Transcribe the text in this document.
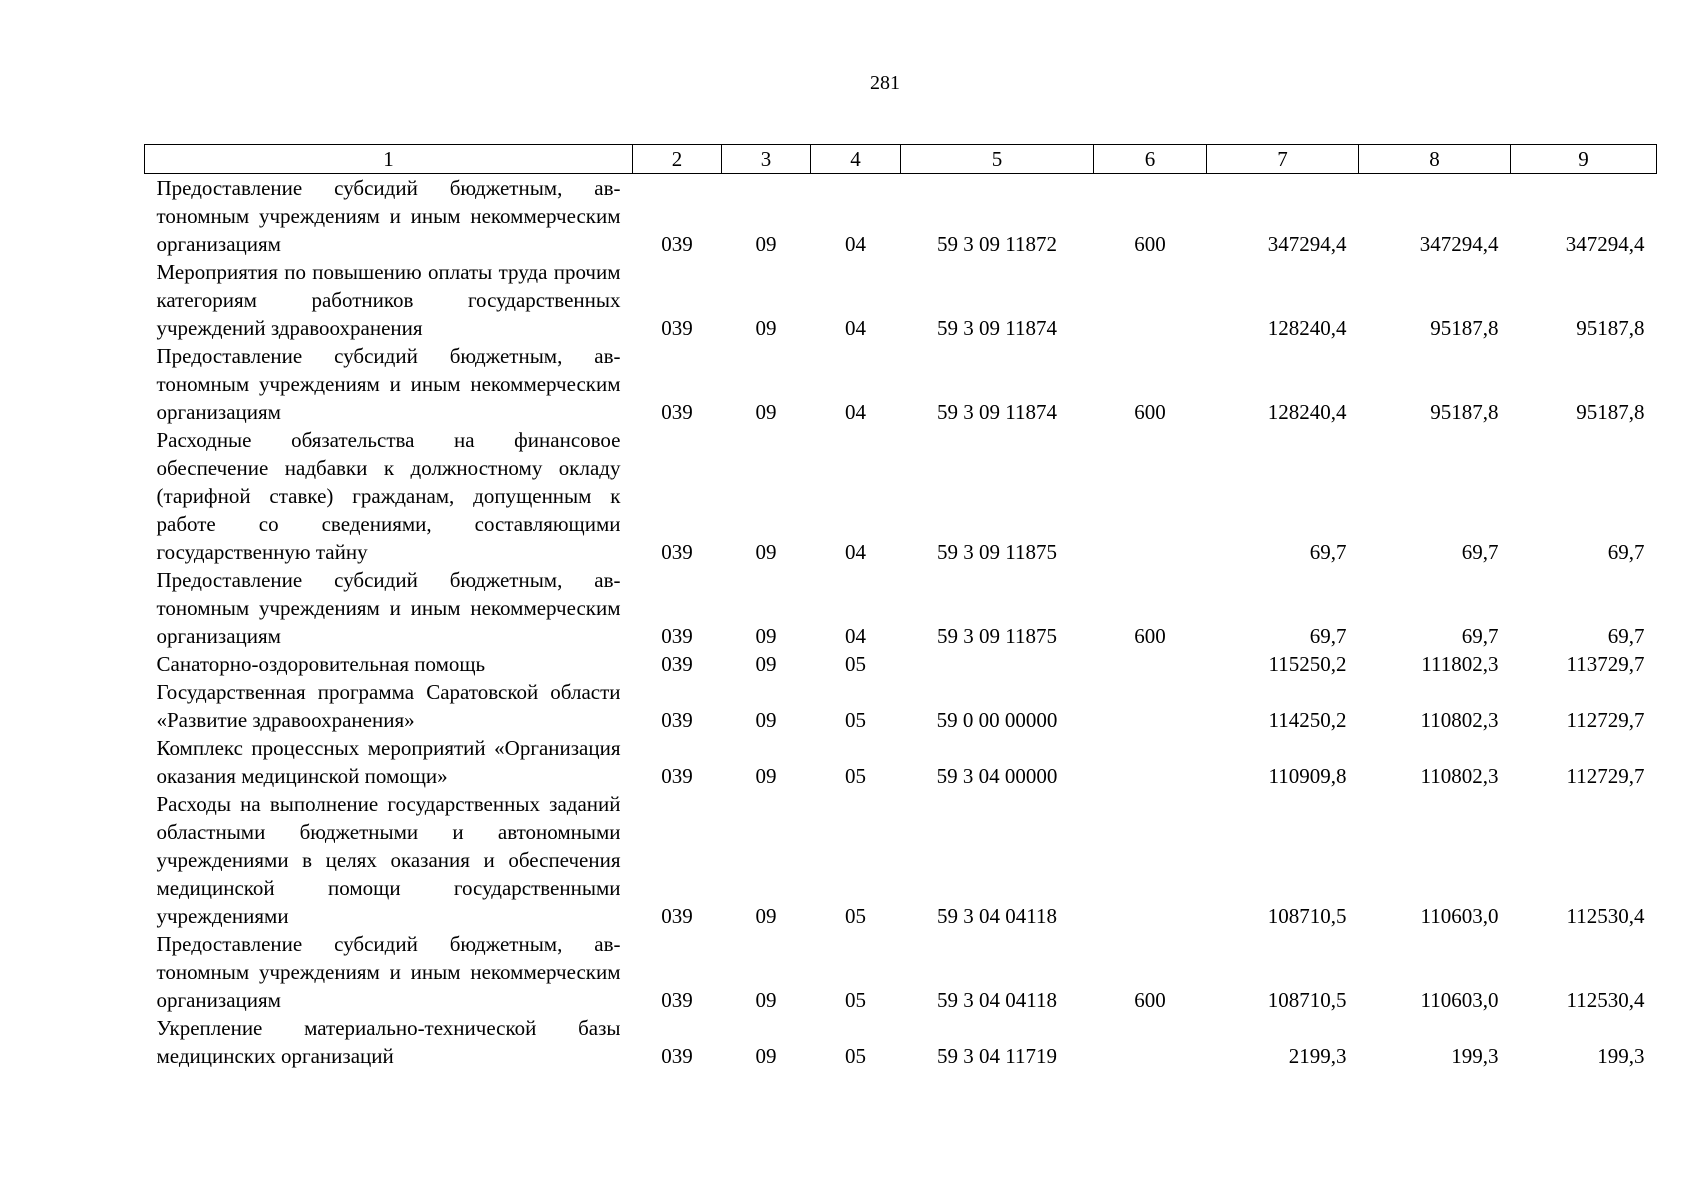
281
1	2	3	4	5	6	7	8	9
Предоставление субсидий бюджетным, автономным учреждениям и иным некоммерческим организациям	039	09	04	59 3 09 11872	600	347294,4	347294,4	347294,4
Мероприятия по повышению оплаты труда прочим категориям работников государственных учреждений здравоохранения	039	09	04	59 3 09 11874		128240,4	95187,8	95187,8
Предоставление субсидий бюджетным, автономным учреждениям и иным некоммерческим организациям	039	09	04	59 3 09 11874	600	128240,4	95187,8	95187,8
Расходные обязательства на финансовое обеспечение надбавки к должностному окладу (тарифной ставке) гражданам, допущенным к работе со сведениями, составляющими государственную тайну	039	09	04	59 3 09 11875		69,7	69,7	69,7
Предоставление субсидий бюджетным, автономным учреждениям и иным некоммерческим организациям	039	09	04	59 3 09 11875	600	69,7	69,7	69,7
Санаторно-оздоровительная помощь	039	09	05			115250,2	111802,3	113729,7
Государственная программа Саратовской области «Развитие здравоохранения»	039	09	05	59 0 00 00000		114250,2	110802,3	112729,7
Комплекс процессных мероприятий «Организация оказания медицинской помощи»	039	09	05	59 3 04 00000		110909,8	110802,3	112729,7
Расходы на выполнение государственных заданий областными бюджетными и автономными учреждениями в целях оказания и обеспечения медицинской помощи государственными учреждениями	039	09	05	59 3 04 04118		108710,5	110603,0	112530,4
Предоставление субсидий бюджетным, автономным учреждениям и иным некоммерческим организациям	039	09	05	59 3 04 04118	600	108710,5	110603,0	112530,4
Укрепление материально-технической базы медицинских организаций	039	09	05	59 3 04 11719		2199,3	199,3	199,3
